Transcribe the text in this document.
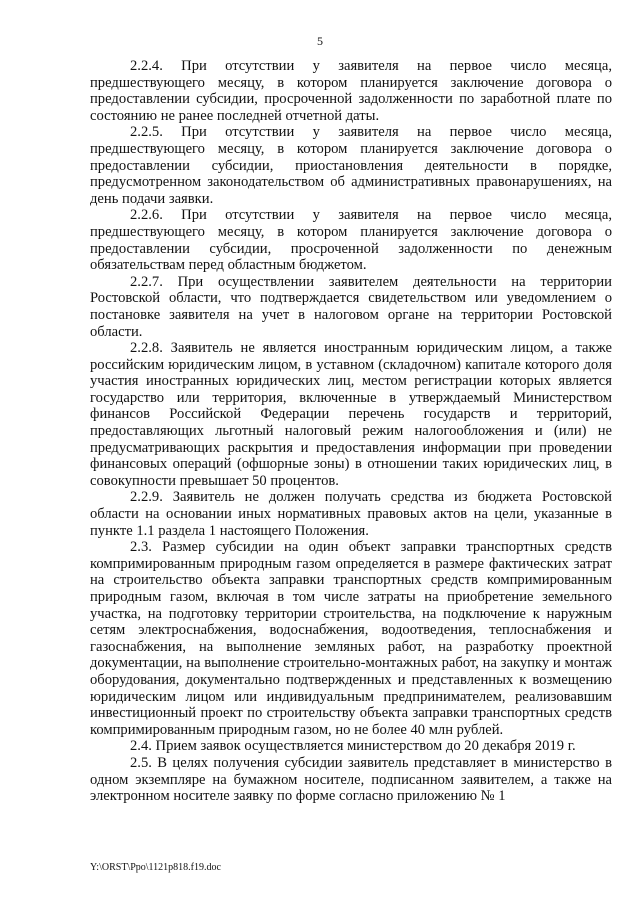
5

2.2.4. При отсутствии у заявителя на первое число месяца, предшествующего месяцу, в котором планируется заключение договора о предоставлении субсидии, просроченной задолженности по заработной плате по состоянию не ранее последней отчетной даты.

2.2.5. При отсутствии у заявителя на первое число месяца, предшествующего месяцу, в котором планируется заключение договора о предоставлении субсидии, приостановления деятельности в порядке, предусмотренном законодательством об административных правонарушениях, на день подачи заявки.

2.2.6. При отсутствии у заявителя на первое число месяца, предшествующего месяцу, в котором планируется заключение договора о предоставлении субсидии, просроченной задолженности по денежным обязательствам перед областным бюджетом.

2.2.7. При осуществлении заявителем деятельности на территории Ростовской области, что подтверждается свидетельством или уведомлением о постановке заявителя на учет в налоговом органе на территории Ростовской области.

2.2.8. Заявитель не является иностранным юридическим лицом, а также российским юридическим лицом, в уставном (складочном) капитале которого доля участия иностранных юридических лиц, местом регистрации которых является государство или территория, включенные в утверждаемый Министерством финансов Российской Федерации перечень государств и территорий, предоставляющих льготный налоговый режим налогообложения и (или) не предусматривающих раскрытия и предоставления информации при проведении финансовых операций (офшорные зоны) в отношении таких юридических лиц, в совокупности превышает 50 процентов.

2.2.9. Заявитель не должен получать средства из бюджета Ростовской области на основании иных нормативных правовых актов на цели, указанные в пункте 1.1 раздела 1 настоящего Положения.

2.3. Размер субсидии на один объект заправки транспортных средств компримированным природным газом определяется в размере фактических затрат на строительство объекта заправки транспортных средств компримированным природным газом, включая в том числе затраты на приобретение земельного участка, на подготовку территории строительства, на подключение к наружным сетям электроснабжения, водоснабжения, водоотведения, теплоснабжения и газоснабжения, на выполнение земляных работ, на разработку проектной документации, на выполнение строительно-монтажных работ, на закупку и монтаж оборудования, документально подтвержденных и представленных к возмещению юридическим лицом или индивидуальным предпринимателем, реализовавшим инвестиционный проект по строительству объекта заправки транспортных средств компримированным природным газом, но не более 40 млн рублей.

2.4. Прием заявок осуществляется министерством до 20 декабря 2019 г.

2.5. В целях получения субсидии заявитель представляет в министерство в одном экземпляре на бумажном носителе, подписанном заявителем, а также на электронном носителе заявку по форме согласно приложению № 1

Y:\ORST\Ppo\1121p818.f19.doc
